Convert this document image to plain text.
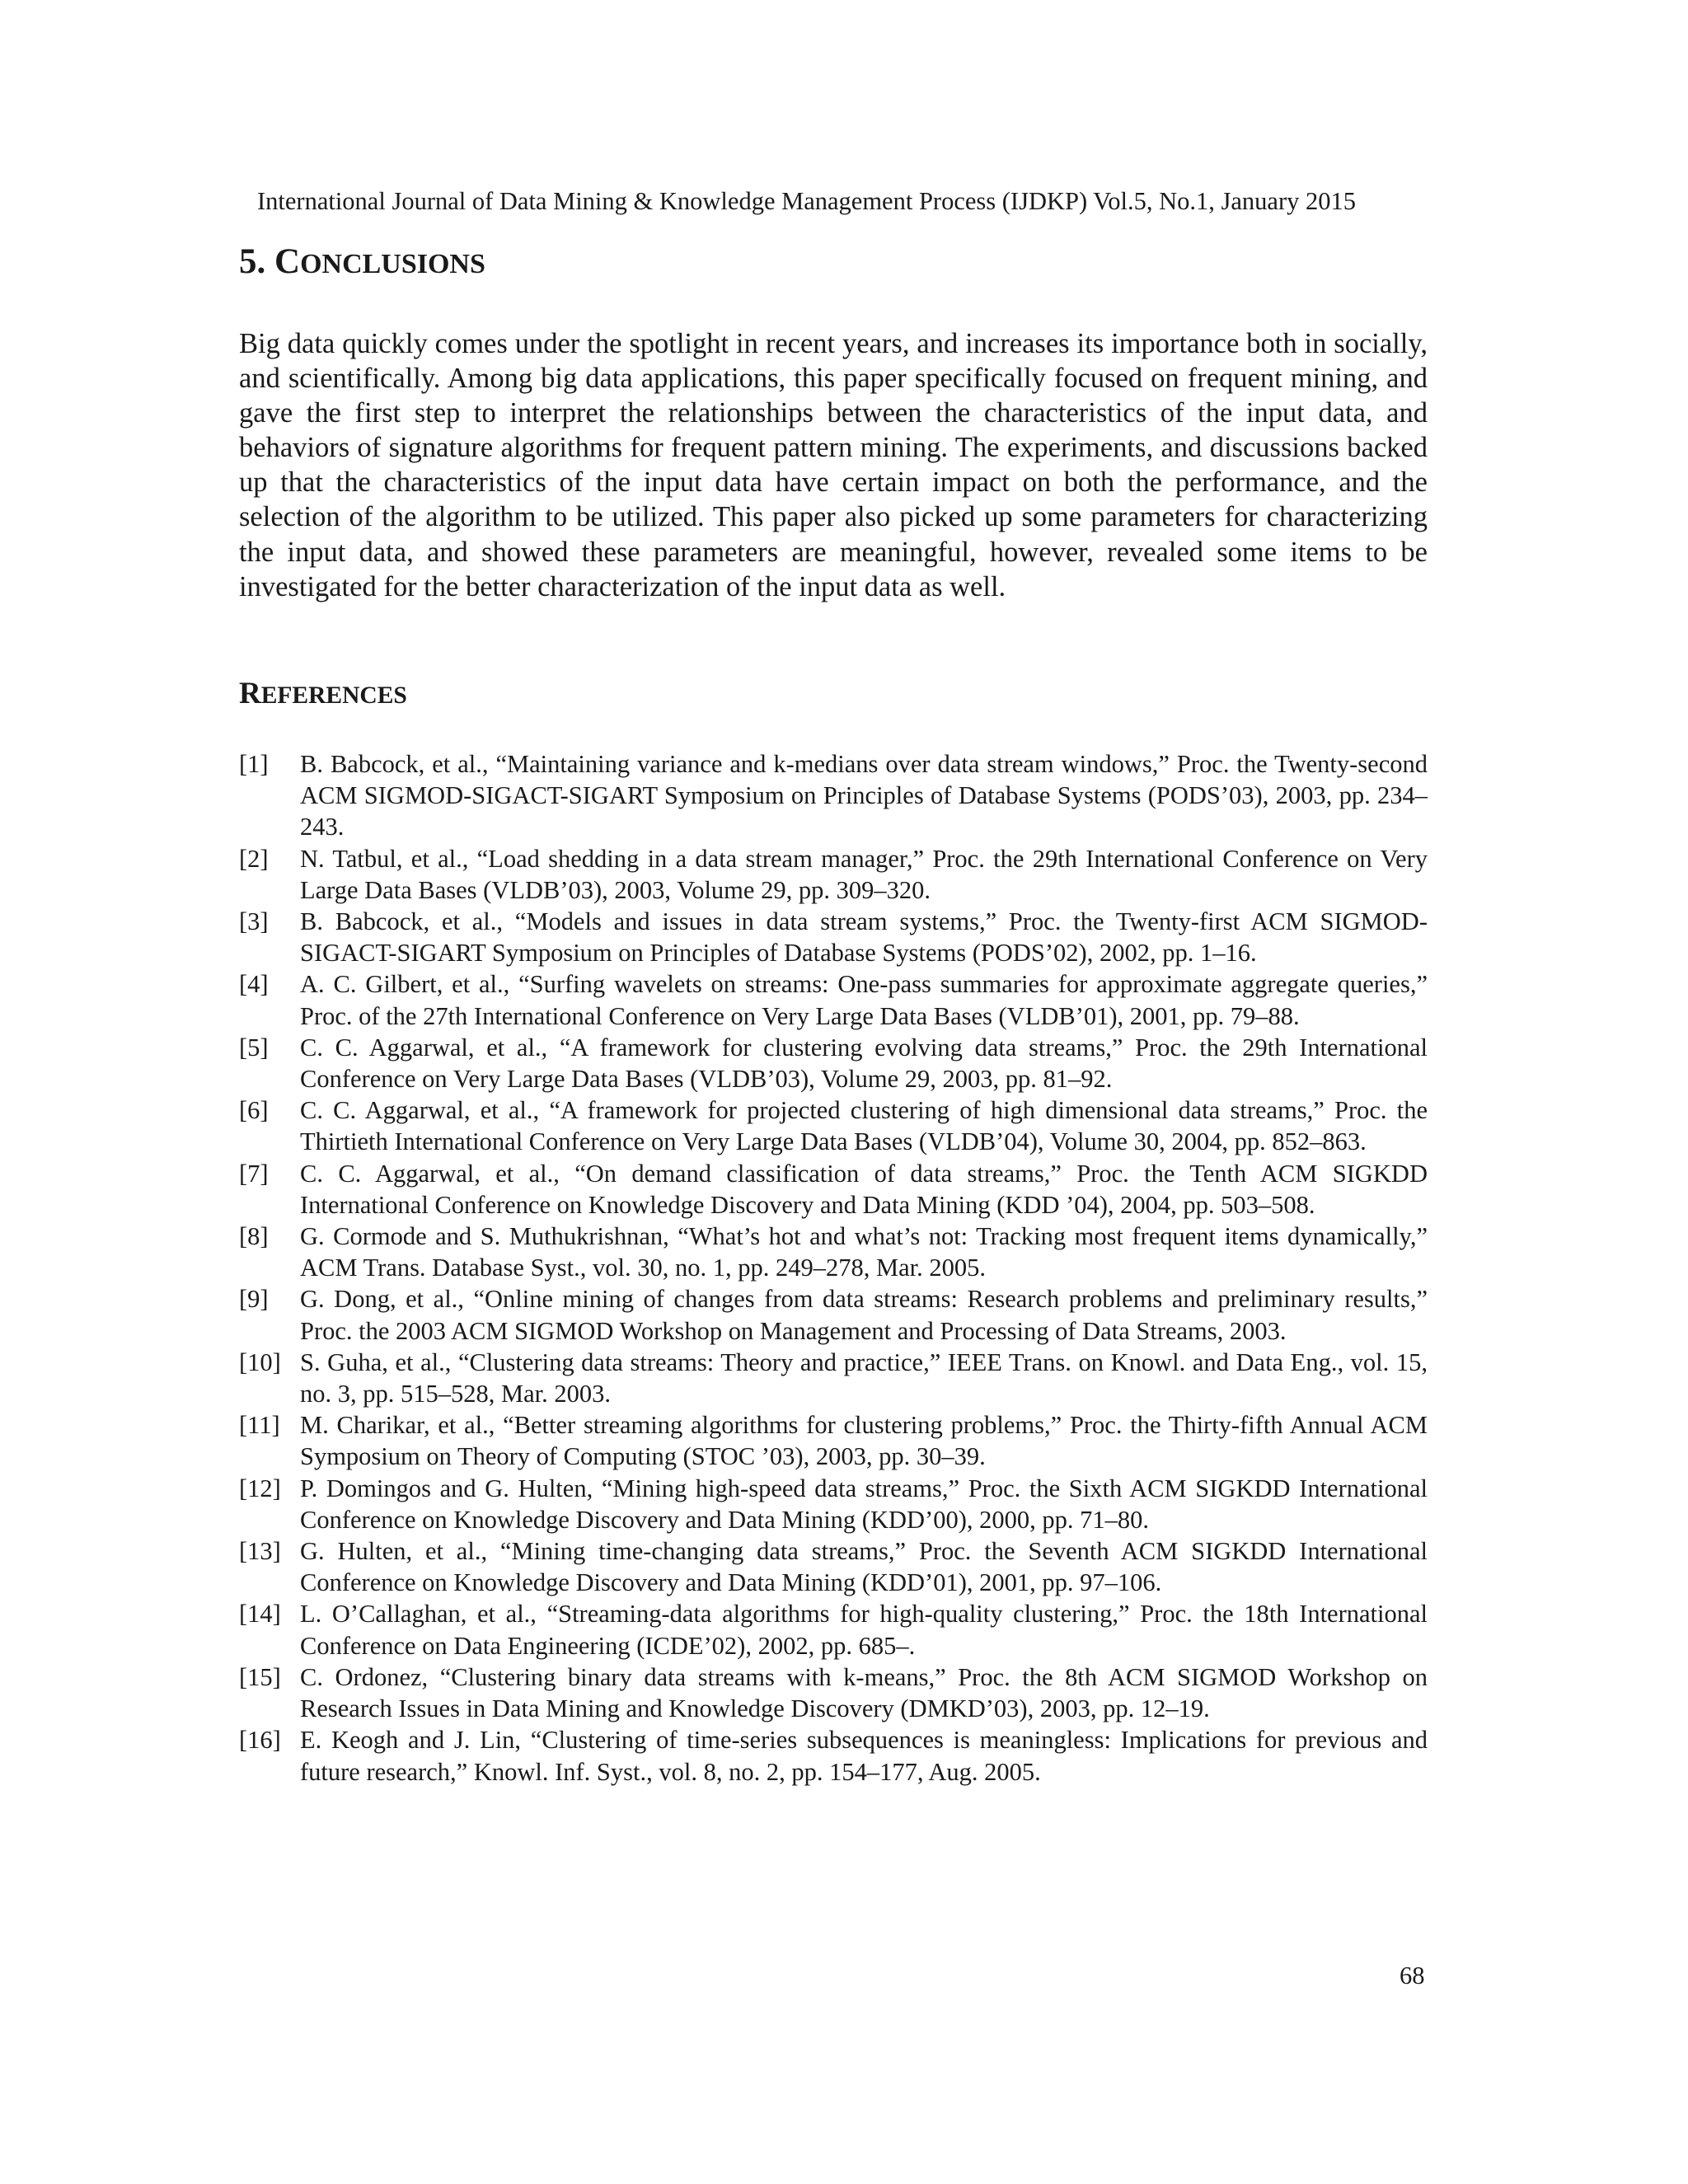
International Journal of Data Mining & Knowledge Management Process (IJDKP) Vol.5, No.1, January 2015
5. CONCLUSIONS

Big data quickly comes under the spotlight in recent years, and increases its importance both in socially, and scientifically. Among big data applications, this paper specifically focused on frequent mining, and gave the first step to interpret the relationships between the characteristics of the input data, and behaviors of signature algorithms for frequent pattern mining. The experiments, and discussions backed up that the characteristics of the input data have certain impact on both the performance, and the selection of the algorithm to be utilized. This paper also picked up some parameters for characterizing the input data, and showed these parameters are meaningful, however, revealed some items to be investigated for the better characterization of the input data as well.

REFERENCES
[1]	B. Babcock, et al., “Maintaining variance and k-medians over data stream windows,” Proc. the Twenty-second ACM SIGMOD-SIGACT-SIGART Symposium on Principles of Database Systems (PODS’03), 2003, pp. 234–243.
[2]	N. Tatbul, et al., “Load shedding in a data stream manager,” Proc. the 29th International Conference on Very Large Data Bases (VLDB’03), 2003, Volume 29, pp. 309–320.
[3]	B. Babcock, et al., “Models and issues in data stream systems,” Proc. the Twenty-first ACM SIGMOD-SIGACT-SIGART Symposium on Principles of Database Systems (PODS’02), 2002, pp. 1–16.
[4]	A. C. Gilbert, et al., “Surfing wavelets on streams: One-pass summaries for approximate aggregate queries,” Proc. of the 27th International Conference on Very Large Data Bases (VLDB’01), 2001, pp. 79–88.
[5]	C. C. Aggarwal, et al., “A framework for clustering evolving data streams,” Proc. the 29th International Conference on Very Large Data Bases (VLDB’03), Volume 29, 2003, pp. 81–92.
[6]	C. C. Aggarwal, et al., “A framework for projected clustering of high dimensional data streams,” Proc. the Thirtieth International Conference on Very Large Data Bases (VLDB’04), Volume 30, 2004, pp. 852–863.
[7]	C. C. Aggarwal, et al., “On demand classification of data streams,” Proc. the Tenth ACM SIGKDD International Conference on Knowledge Discovery and Data Mining (KDD ’04), 2004, pp. 503–508.
[8]	G. Cormode and S. Muthukrishnan, “What’s hot and what’s not: Tracking most frequent items dynamically,” ACM Trans. Database Syst., vol. 30, no. 1, pp. 249–278, Mar. 2005.
[9]	G. Dong, et al., “Online mining of changes from data streams: Research problems and preliminary results,” Proc. the 2003 ACM SIGMOD Workshop on Management and Processing of Data Streams, 2003.
[10] S. Guha, et al., “Clustering data streams: Theory and practice,” IEEE Trans. on Knowl. and Data Eng., vol. 15, no. 3, pp. 515–528, Mar. 2003.
[11] M. Charikar, et al., “Better streaming algorithms for clustering problems,” Proc. the Thirty-fifth Annual ACM Symposium on Theory of Computing (STOC ’03), 2003, pp. 30–39.
[12] P. Domingos and G. Hulten, “Mining high-speed data streams,” Proc. the Sixth ACM SIGKDD International Conference on Knowledge Discovery and Data Mining (KDD’00), 2000, pp. 71–80.
[13] G. Hulten, et al., “Mining time-changing data streams,” Proc. the Seventh ACM SIGKDD International Conference on Knowledge Discovery and Data Mining (KDD’01), 2001, pp. 97–106.
[14] L. O’Callaghan, et al., “Streaming-data algorithms for high-quality clustering,” Proc. the 18th International Conference on Data Engineering (ICDE’02), 2002, pp. 685–.
[15] C. Ordonez, “Clustering binary data streams with k-means,” Proc. the 8th ACM SIGMOD Workshop on Research Issues in Data Mining and Knowledge Discovery (DMKD’03), 2003, pp. 12–19.
[16] E. Keogh and J. Lin, “Clustering of time-series subsequences is meaningless: Implications for previous and future research,” Knowl. Inf. Syst., vol. 8, no. 2, pp. 154–177, Aug. 2005.
68
